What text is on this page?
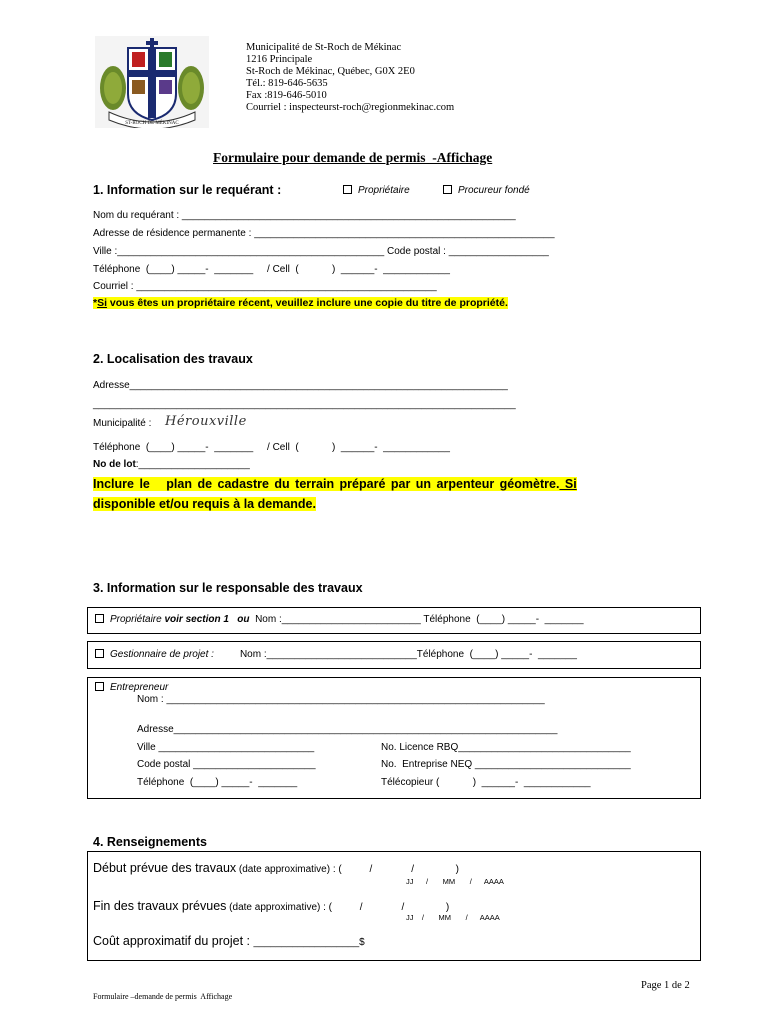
ST-ROCH DE MÉKINAC
Municipalité de St-Roch de Mékinac
1216 Principale
St-Roch de Mékinac, Québec, G0X 2E0
Tél.: 819-646-5635
Fax :819-646-5010
Courriel : inspecteurst-roch@regionmekinac.com
Formulaire pour demande de permis  -Affichage
1. Information sur le requérant :	Propriétaire	Procureur fondé
Nom du requérant : ____________________________________________________________
Adresse de résidence permanente : ______________________________________________________
Ville :________________________________________________ Code postal : __________________
Téléphone  (____) _____-  _______     / Cell  (            )  ______-  ____________
Courriel : ______________________________________________________
*Si vous êtes un propriétaire récent, veuillez inclure une copie du titre de propriété.
2. Localisation des travaux
Adresse____________________________________________________________________
____________________________________________________________________________
Municipalité : Hérouxville
Téléphone  (____) _____-  _______     / Cell  (            )  ______-  ____________
No de lot:____________________
Inclure le   plan de cadastre du terrain préparé par un arpenteur géomètre. Si
disponible et/ou requis à la demande.
3. Information sur le responsable des travaux
Propriétaire voir section 1   ou  Nom :_________________________ Téléphone  (____) _____-  _______
Gestionnaire de projet :	Nom :___________________________Téléphone  (____) _____-  _______
Entrepreneur
Nom : ____________________________________________________________________
Adresse_____________________________________________________________________
Ville ____________________________	No. Licence RBQ_______________________________
Code postal ______________________	No.  Entreprise NEQ ____________________________
Téléphone  (____) _____-  _______	Télécopieur (            )  ______-  ____________
4. Renseignements
Début prévue des travaux (date approximative) : (          /              /               )
JJ      /       MM       /      AAAA
Fin des travaux prévues (date approximative) : (          /              /               )
JJ    /       MM       /      AAAA
Coût approximatif du projet : ___________________$
Page 1 de 2
Formulaire –demande de permis  Affichage
